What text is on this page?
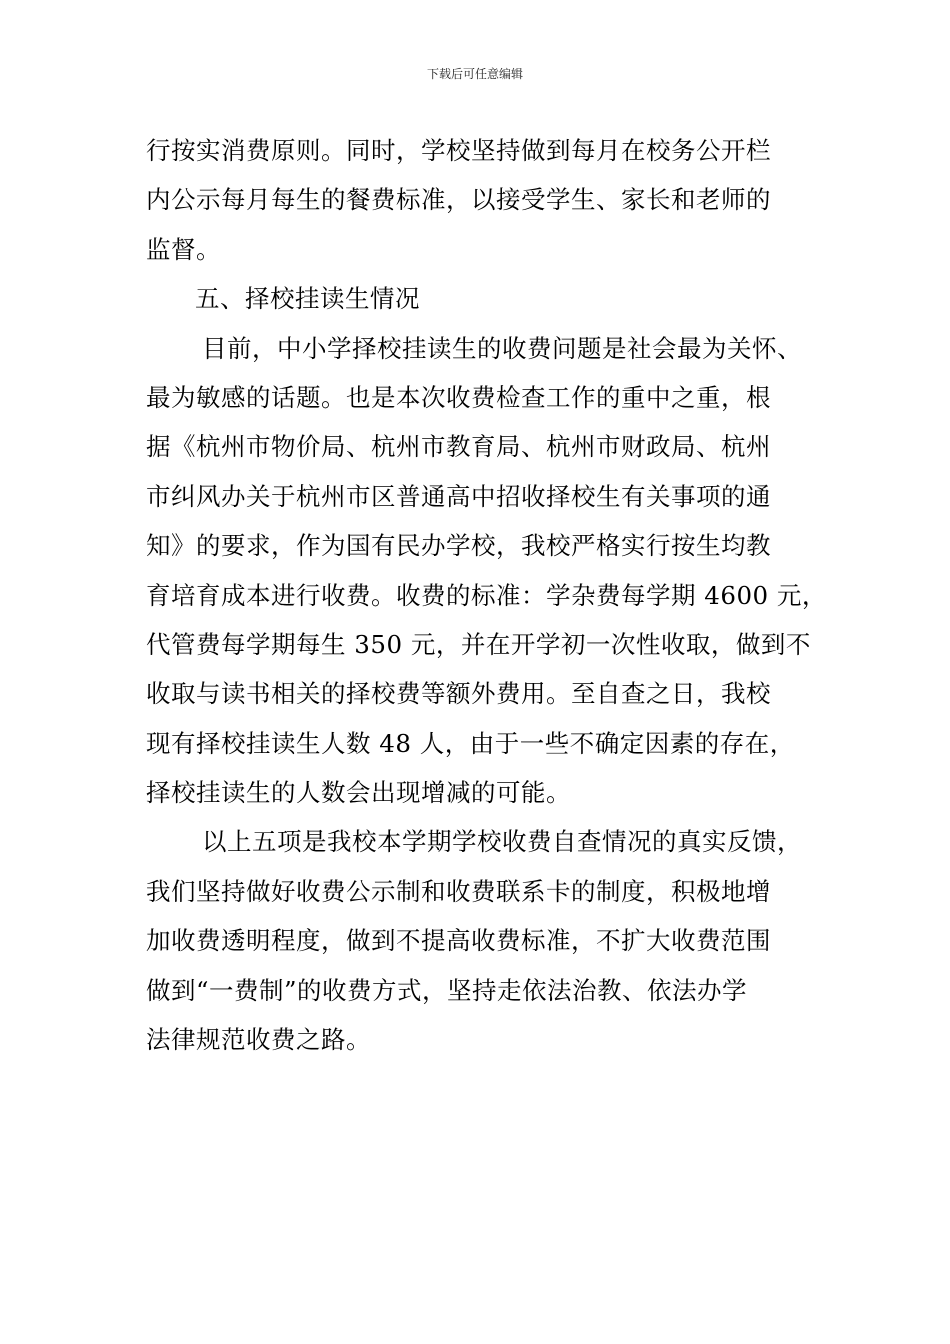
下载后可任意编辑
行按实消费原则。同时，学校坚持做到每月在校务公开栏
内公示每月每生的餐费标准，以接受学生、家长和老师的
监督。
五、择校挂读生情况
目前，中小学择校挂读生的收费问题是社会最为关怀、
最为敏感的话题。也是本次收费检查工作的重中之重，根
据《杭州市物价局、杭州市教育局、杭州市财政局、杭州
市纠风办关于杭州市区普通高中招收择校生有关事项的通
知》的要求，作为国有民办学校，我校严格实行按生均教
育培育成本进行收费。收费的标准：学杂费每学期 4600 元，
代管费每学期每生 350 元，并在开学初一次性收取，做到不
收取与读书相关的择校费等额外费用。至自查之日，我校
现有择校挂读生人数 48 人，由于一些不确定因素的存在，
择校挂读生的人数会出现增减的可能。
以上五项是我校本学期学校收费自查情况的真实反馈，
我们坚持做好收费公示制和收费联系卡的制度，积极地增
加收费透明程度，做到不提高收费标准，不扩大收费范围
做到“一费制”的收费方式，坚持走依法治教、依法办学
法律规范收费之路。
